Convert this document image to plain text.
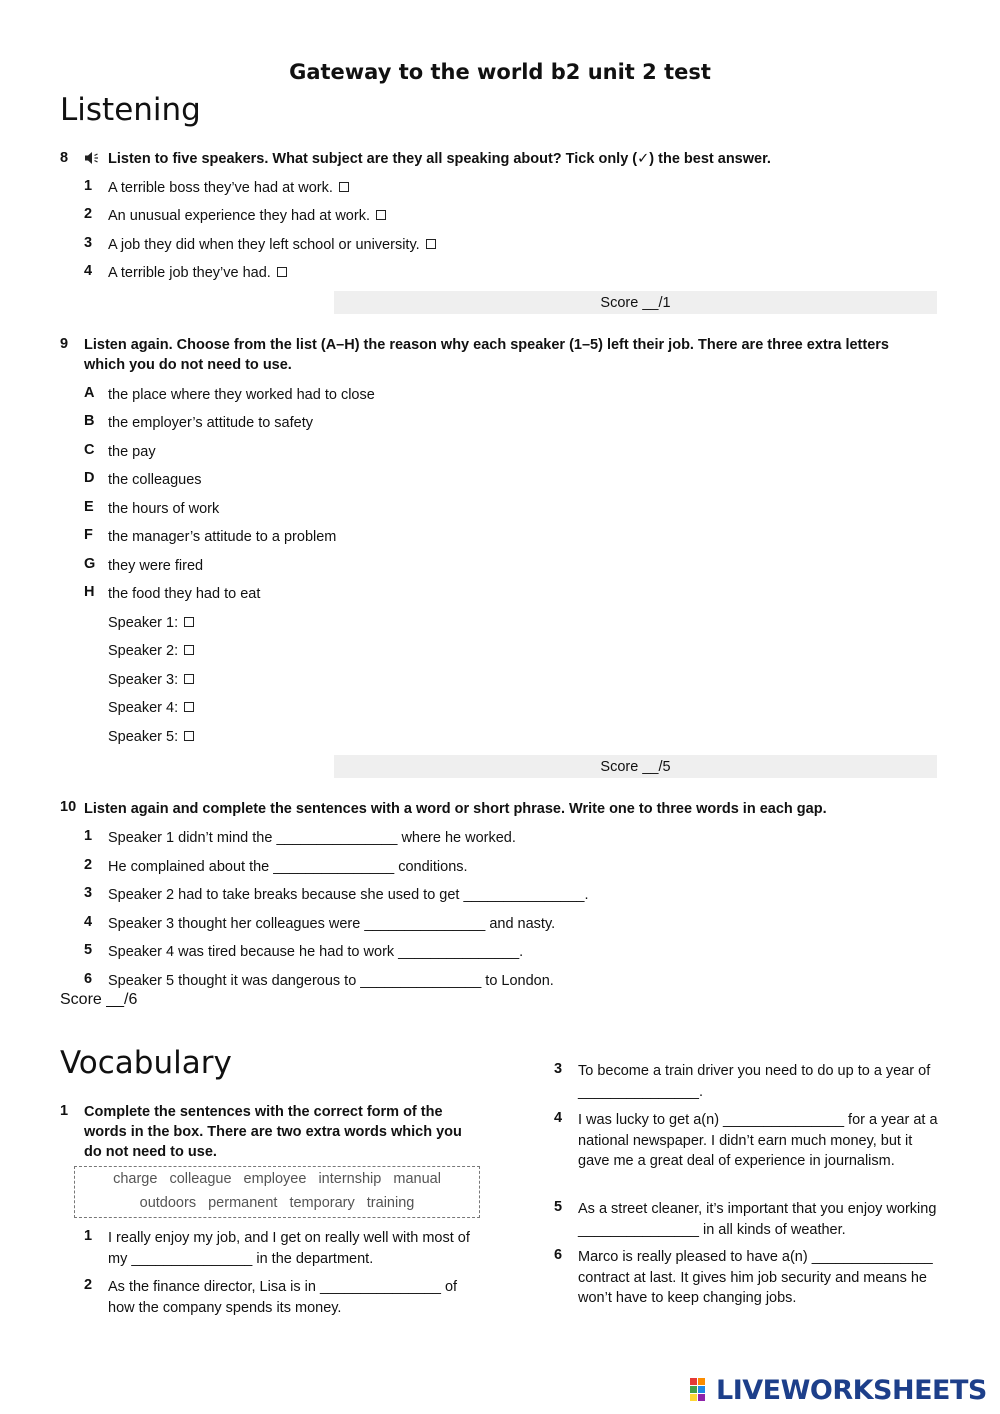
Gateway to the world b2 unit 2 test
Listening
8	Listen to five speakers. What subject are they all speaking about? Tick only (✓) the best answer.
1 A terrible boss they’ve had at work.
2 An unusual experience they had at work.
3 A job they did when they left school or university.
4 A terrible job they’ve had.
Score __/1
9 Listen again. Choose from the list (A–H) the reason why each speaker (1–5) left their job. There are three extra letters
which you do not need to use.
A the place where they worked had to close
B the employer’s attitude to safety
C the pay
D the colleagues
E the hours of work
F the manager’s attitude to a problem
G they were fired
H the food they had to eat
Speaker 1:
Speaker 2:
Speaker 3:
Speaker 4:
Speaker 5:
Score __/5
10 Listen again and complete the sentences with a word or short phrase. Write one to three words in each gap.
1 Speaker 1 didn’t mind the _______________ where he worked.
2 He complained about the _______________ conditions.
3 Speaker 2 had to take breaks because she used to get _______________.
4 Speaker 3 thought her colleagues were _______________ and nasty.
5 Speaker 4 was tired because he had to work _______________.
6 Speaker 5 thought it was dangerous to _______________ to London.
Score __/6
Vocabulary
1 Complete the sentences with the correct form of the words in the box. There are two extra words which you do not need to use.
charge colleague employee internship manual
outdoors permanent temporary training
1 I really enjoy my job, and I get on really well with most of my _______________ in the department.
2 As the finance director, Lisa is in _______________ of how the company spends its money.
3 To become a train driver you need to do up to a year of _______________.
4 I was lucky to get a(n) _______________ for a year at a national newspaper. I didn’t earn much money, but it gave me a great deal of experience in journalism.
5 As a street cleaner, it’s important that you enjoy working _______________ in all kinds of weather.
6 Marco is really pleased to have a(n) _______________ contract at last. It gives him job security and means he won’t have to keep changing jobs.
LIVEWORKSHEETS
